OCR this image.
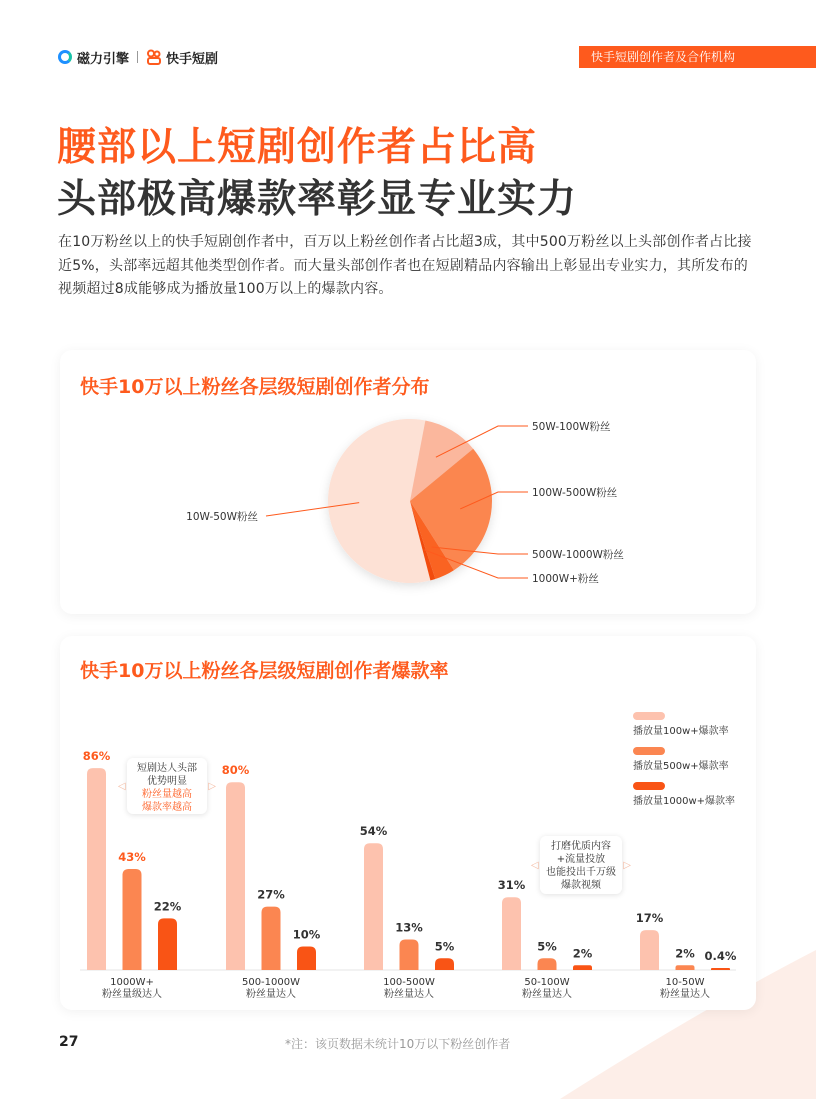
磁力引擎	快手短剧	快手短剧创作者及合作机构
腰部以上短剧创作者占比高
头部极高爆款率彰显专业实力
在10万粉丝以上的快手短剧创作者中，百万以上粉丝创作者占比超3成，其中500万粉丝以上头部创作者占比接近5%，头部率远超其他类型创作者。而大量头部创作者也在短剧精品内容输出上彰显出专业实力，其所发布的视频超过8成能够成为播放量100万以上的爆款内容。
快手10万以上粉丝各层级短剧创作者分布
10W-50W粉丝
50W-100W粉丝
100W-500W粉丝
500W-1000W粉丝
1000W+粉丝
快手10万以上粉丝各层级短剧创作者爆款率
86%
43%
22%
1000W+
粉丝量级达人
80%
27%
10%
500-1000W
粉丝量达人
54%
13%
5%
100-500W
粉丝量达人
31%
5%
2%
50-100W
粉丝量达人
17%
2% 0.4%
10-50W
粉丝量达人
播放量100w+爆款率
播放量500w+爆款率
播放量1000w+爆款率
◁
短剧达人头部
优势明显
粉丝量越高
爆款率越高
▷
◁
打磨优质内容
+流量投放
也能投出千万级
爆款视频
▷
27	*注：该页数据未统计10万以下粉丝创作者
